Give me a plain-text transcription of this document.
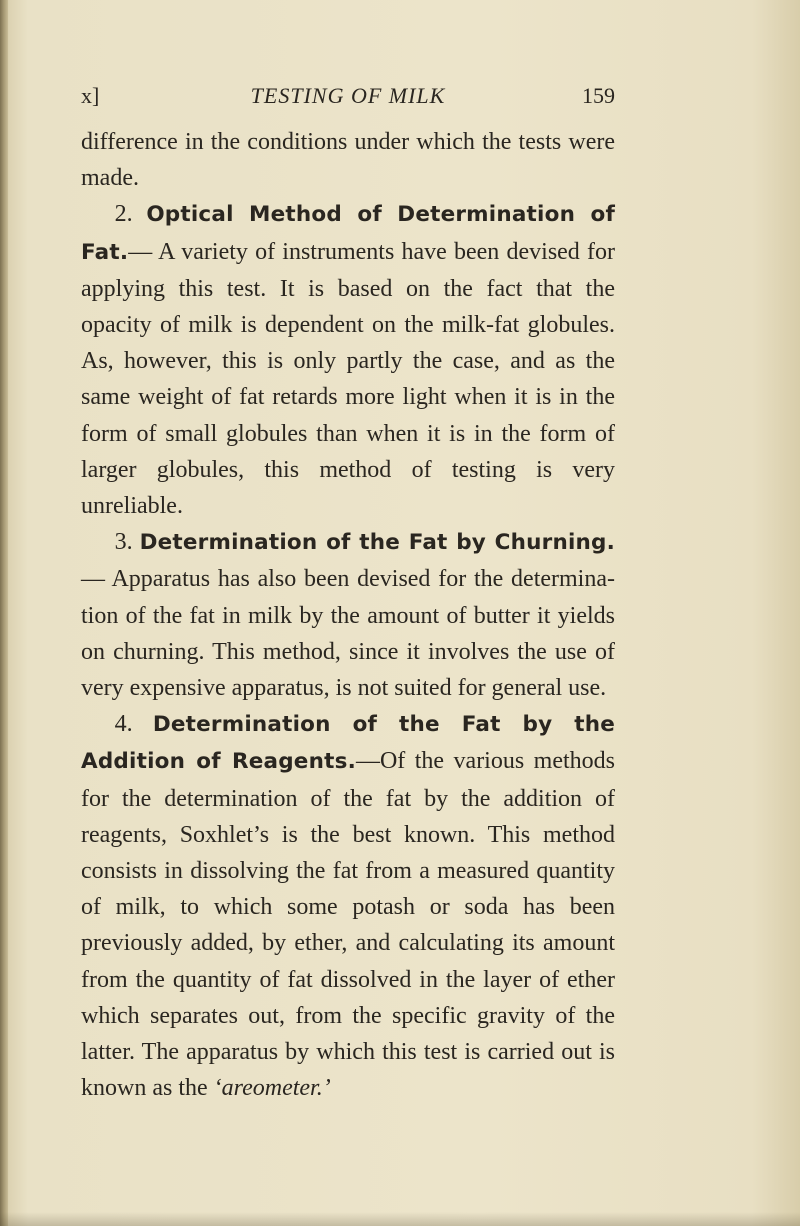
x]	TESTING OF MILK	159

difference in the conditions under which the tests were made.

2. Optical Method of Determination of Fat.— A variety of instruments have been devised for applying this test. It is based on the fact that the opacity of milk is dependent on the milk-fat globules. As, however, this is only partly the case, and as the same weight of fat retards more light when it is in the form of small globules than when it is in the form of larger globules, this method of testing is very unreliable.

3. Determination of the Fat by Churning.— Apparatus has also been devised for the determination of the fat in milk by the amount of butter it yields on churning. This method, since it involves the use of very expensive apparatus, is not suited for general use.

4. Determination of the Fat by the Addition of Reagents.—Of the various methods for the determination of the fat by the addition of reagents, Soxhlet’s is the best known. This method consists in dissolving the fat from a measured quantity of milk, to which some potash or soda has been previously added, by ether, and calculating its amount from the quantity of fat dissolved in the layer of ether which separates out, from the specific gravity of the latter. The apparatus by which this test is carried out is known as the ‘areometer.’
